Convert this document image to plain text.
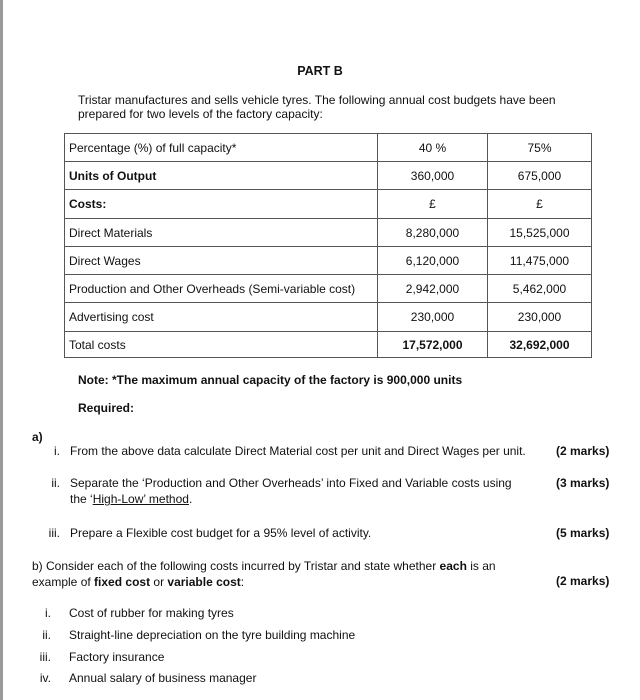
PART B
Tristar manufactures and sells vehicle tyres. The following annual cost budgets have been prepared for two levels of the factory capacity:
Percentage (%) of full capacity*	40 %	75%
Units of Output	360,000	675,000
Costs:	£	£
Direct Materials	8,280,000	15,525,000
Direct Wages	6,120,000	11,475,000
Production and Other Overheads (Semi-variable cost)	2,942,000	5,462,000
Advertising cost	230,000	230,000
Total costs	17,572,000	32,692,000
Note: *The maximum annual capacity of the factory is 900,000 units
Required:
a)
i. From the above data calculate Direct Material cost per unit and Direct Wages per unit.	(2 marks)
ii. Separate the ‘Production and Other Overheads’ into Fixed and Variable costs using the ‘High-Low’ method.
(3 marks)
iii. Prepare a Flexible cost budget for a 95% level of activity.	(5 marks)
b) Consider each of the following costs incurred by Tristar and state whether each is an example of fixed cost or variable cost:	(2 marks)
i. Cost of rubber for making tyres
ii. Straight-line depreciation on the tyre building machine
iii. Factory insurance
iv. Annual salary of business manager
